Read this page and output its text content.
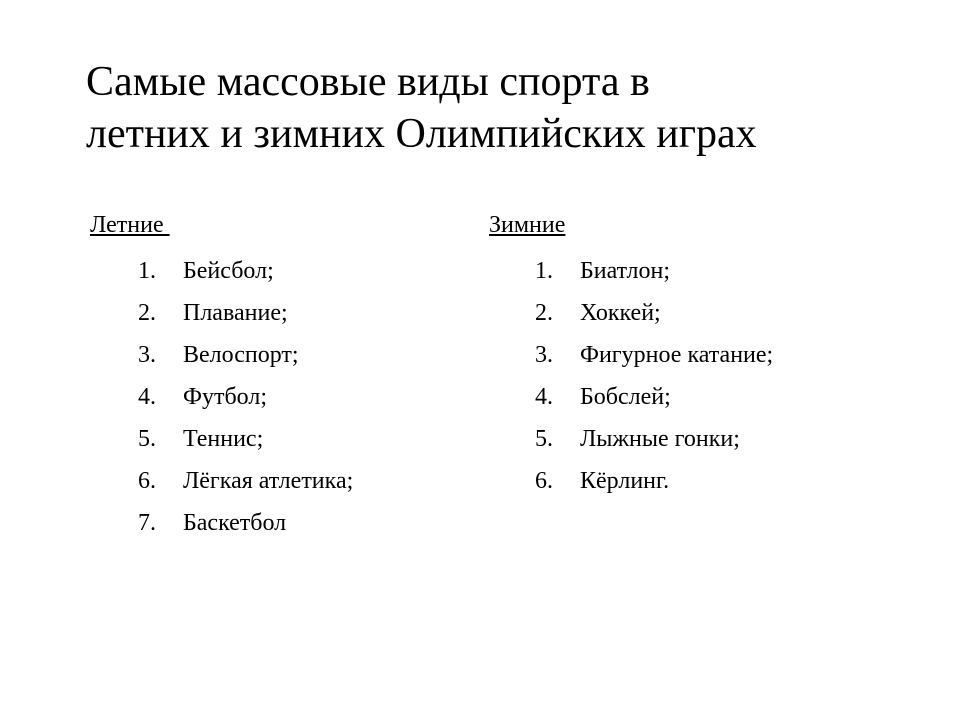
Самые массовые виды спорта в
летних и зимних Олимпийских играх
Летние
1.	Бейсбол;
2.	Плавание;
3.	Велоспорт;
4.	Футбол;
5.	Теннис;
6.	Лёгкая атлетика;
7.	Баскетбол
Зимние
1.	Биатлон;
2.	Хоккей;
3.	Фигурное катание;
4.	Бобслей;
5.	Лыжные гонки;
6.	Кёрлинг.
